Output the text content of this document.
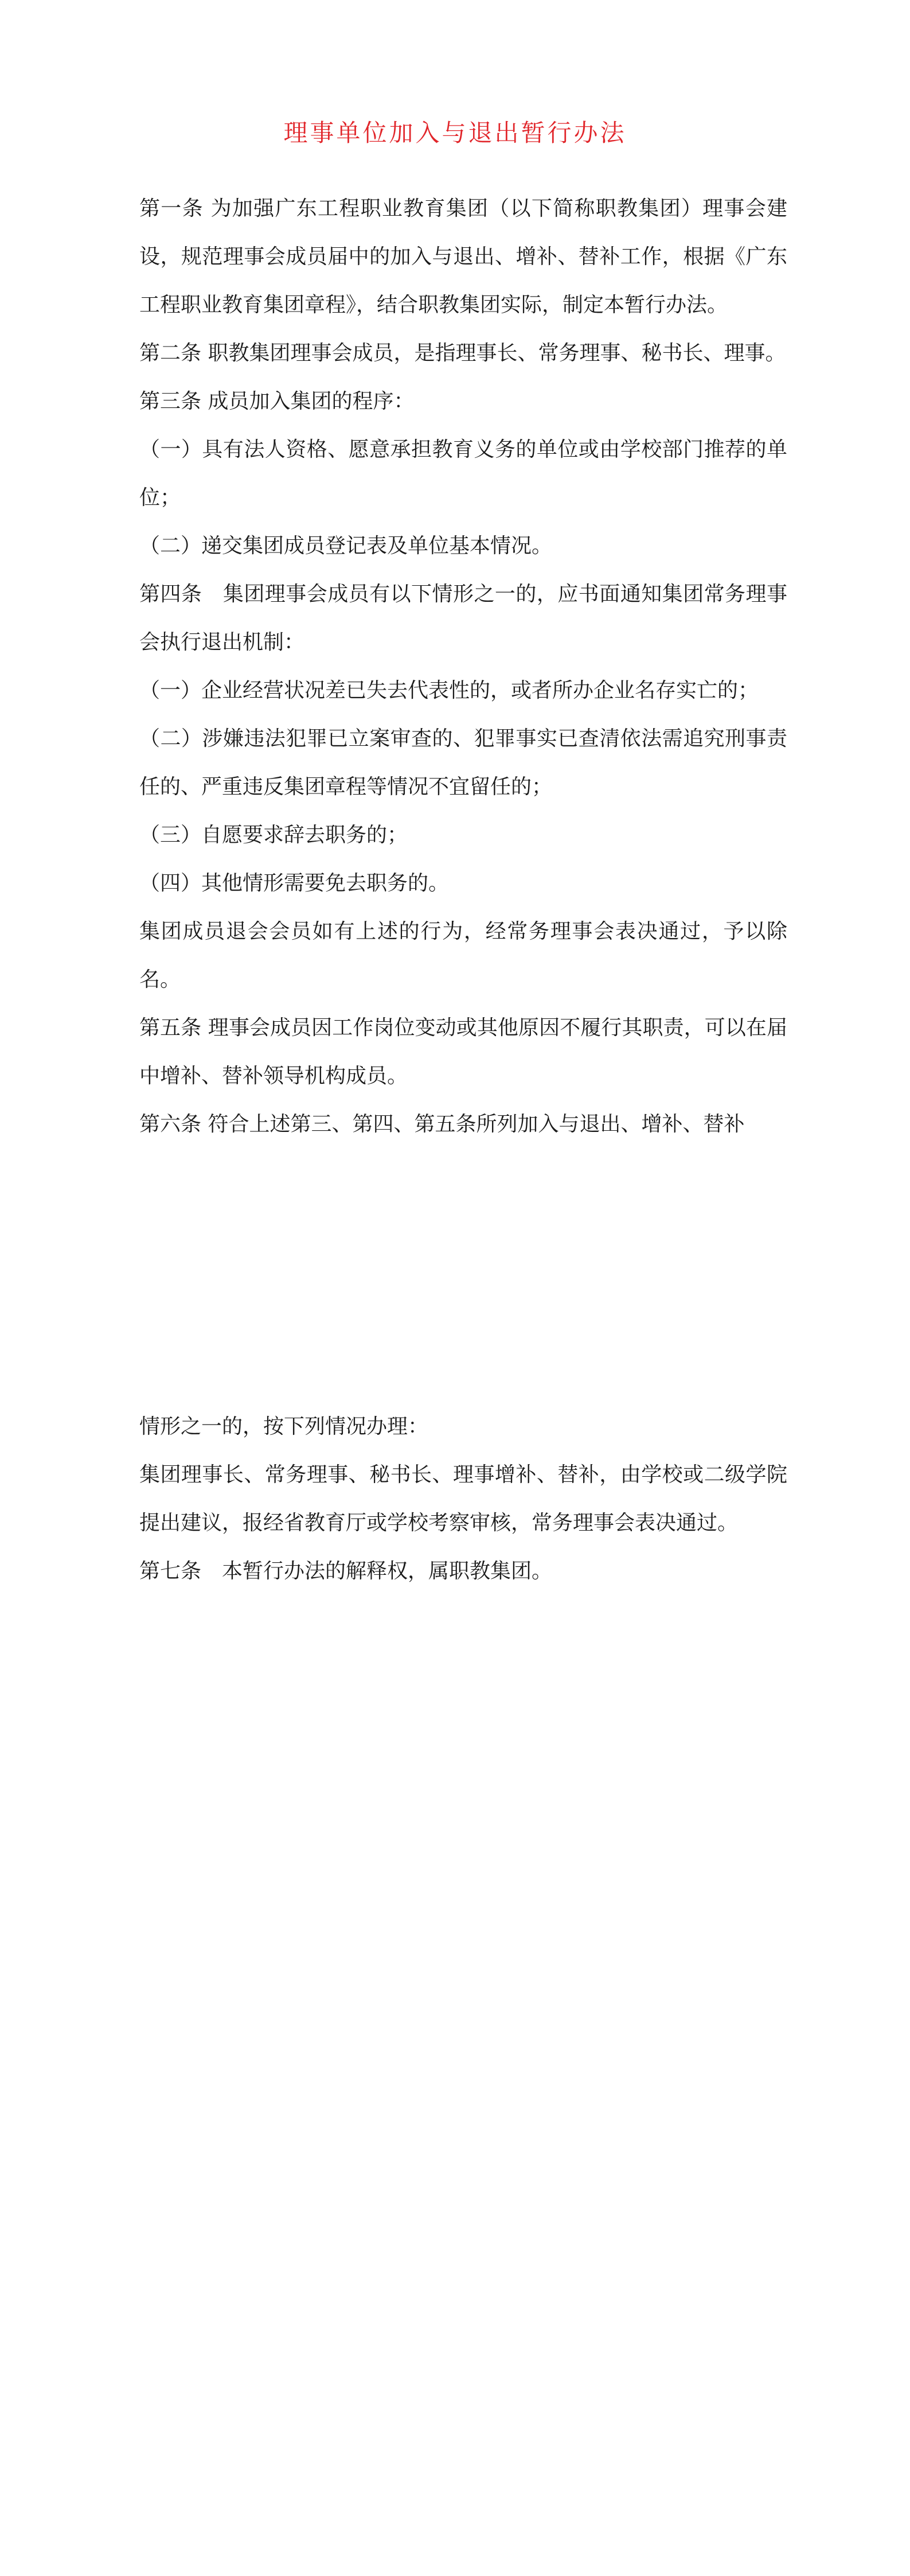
理事单位加入与退出暂行办法

第一条 为加强广东工程职业教育集团（以下简称职教集团）理事会建设，规范理事会成员届中的加入与退出、增补、替补工作，根据《广东工程职业教育集团章程》，结合职教集团实际，制定本暂行办法。

第二条 职教集团理事会成员，是指理事长、常务理事、秘书长、理事。

第三条 成员加入集团的程序：

（一）具有法人资格、愿意承担教育义务的单位或由学校部门推荐的单位；

（二）递交集团成员登记表及单位基本情况。

第四条　集团理事会成员有以下情形之一的，应书面通知集团常务理事会执行退出机制：

（一）企业经营状况差已失去代表性的，或者所办企业名存实亡的；

（二）涉嫌违法犯罪已立案审查的、犯罪事实已查清依法需追究刑事责任的、严重违反集团章程等情况不宜留任的；

（三）自愿要求辞去职务的；

（四）其他情形需要免去职务的。

集团成员退会会员如有上述的行为，经常务理事会表决通过，予以除名。

第五条 理事会成员因工作岗位变动或其他原因不履行其职责，可以在届中增补、替补领导机构成员。

第六条 符合上述第三、第四、第五条所列加入与退出、增补、替补

情形之一的，按下列情况办理：

集团理事长、常务理事、秘书长、理事增补、替补，由学校或二级学院提出建议，报经省教育厅或学校考察审核，常务理事会表决通过。

第七条　本暂行办法的解释权，属职教集团。
